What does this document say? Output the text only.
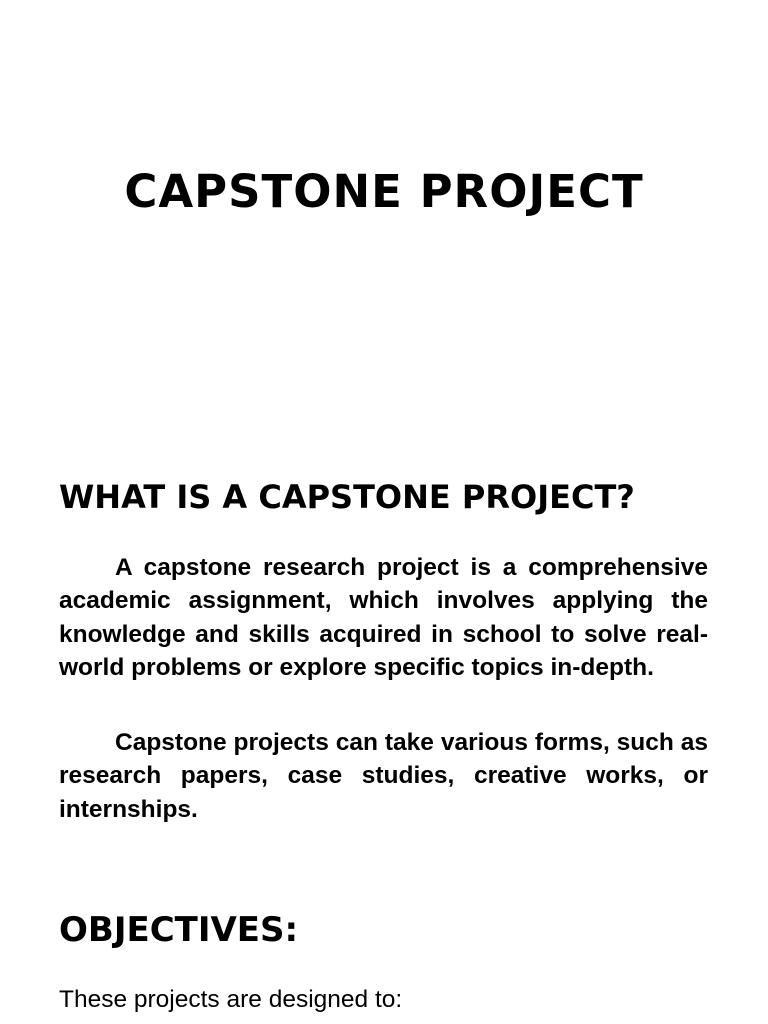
CAPSTONE PROJECT
WHAT IS A CAPSTONE PROJECT?

A capstone research project is a comprehensive academic assignment, which involves applying the knowledge and skills acquired in school to solve real-world problems or explore specific topics in-depth.

Capstone projects can take various forms, such as research papers, case studies, creative works, or internships.

OBJECTIVES:

These projects are designed to:
